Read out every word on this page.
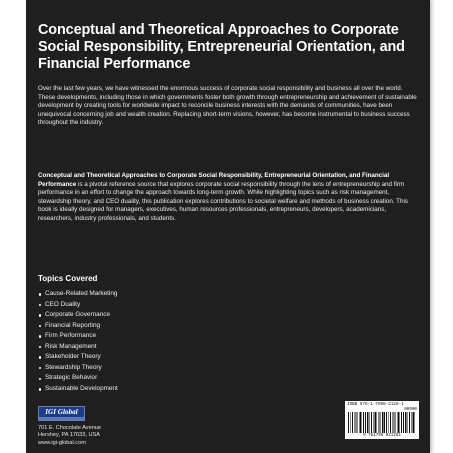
Conceptual and Theoretical Approaches to Corporate Social Responsibility, Entrepreneurial Orientation, and Financial Performance

Over the last few years, we have witnessed the enormous success of corporate social responsibility and business all over the world. These developments, including those in which governments foster both growth through entrepreneurship and achievement of sustainable development by creating tools for worldwide impact to reconcile business interests with the demands of communities, have been unequivocal concerning job and wealth creation. Replacing short-term visions, however, has become instrumental to business success throughout the industry.

Conceptual and Theoretical Approaches to Corporate Social Responsibility, Entrepreneurial Orientation, and Financial Performance is a pivotal reference source that explores corporate social responsibility through the lens of entrepreneurship and firm performance in an effort to change the approach towards long-term growth. While highlighting topics such as risk management, stewardship theory, and CEO duality, this publication explores contributions to societal welfare and methods of business creation. This book is ideally designed for managers, executives, human resources professionals, entrepreneurs, developers, academicians, researchers, industry professionals, and students.

Topics Covered
Cause-Related Marketing
CEO Duality
Corporate Governance
Financial Reporting
Firm Performance
Risk Management
Stakeholder Theory
Stewardship Theory
Strategic Behavior
Sustainable Development
IGI Global

701 E. Chocolate Avenue
Hershey, PA 17033, USA
www.igi-global.com

ISBN 978-1-7998-2128-1

90000

9 781799 821281
